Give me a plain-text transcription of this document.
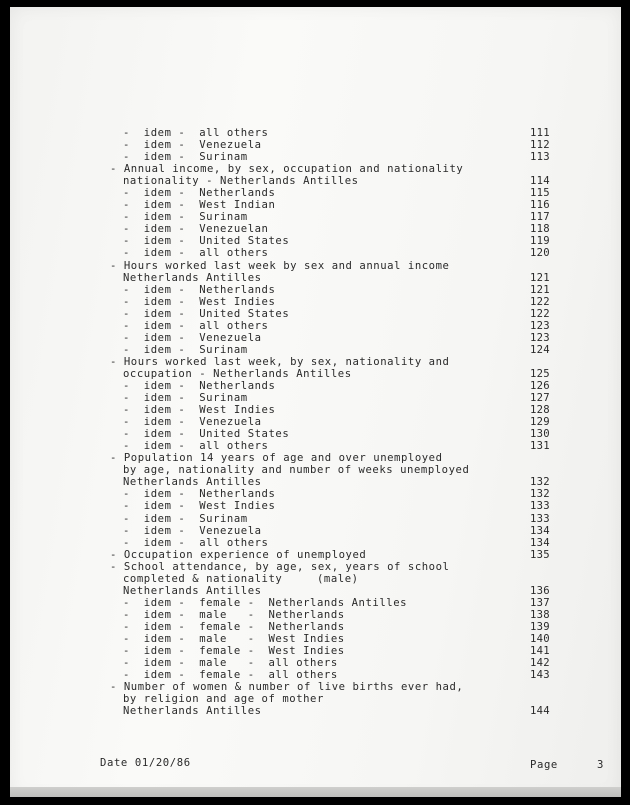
-  idem -  all others	111
-  idem -  Venezuela	112
-  idem -  Surinam	113
- Annual income, by sex, occupation and nationality
nationality - Netherlands Antilles	114
-  idem -  Netherlands	115
-  idem -  West Indian	116
-  idem -  Surinam	117
-  idem -  Venezuelan	118
-  idem -  United States	119
-  idem -  all others	120
- Hours worked last week by sex and annual income
Netherlands Antilles	121
-  idem -  Netherlands	121
-  idem -  West Indies	122
-  idem -  United States	122
-  idem -  all others	123
-  idem -  Venezuela	123
-  idem -  Surinam	124
- Hours worked last week, by sex, nationality and
occupation - Netherlands Antilles	125
-  idem -  Netherlands	126
-  idem -  Surinam	127
-  idem -  West Indies	128
-  idem -  Venezuela	129
-  idem -  United States	130
-  idem -  all others	131
- Population 14 years of age and over unemployed
by age, nationality and number of weeks unemployed
Netherlands Antilles	132
-  idem -  Netherlands	132
-  idem -  West Indies	133
-  idem -  Surinam	133
-  idem -  Venezuela	134
-  idem -  all others	134
- Occupation experience of unemployed	135
- School attendance, by age, sex, years of school
completed & nationality     (male)
Netherlands Antilles	136
-  idem -  female -  Netherlands Antilles	137
-  idem -  male   -  Netherlands	138
-  idem -  female -  Netherlands	139
-  idem -  male   -  West Indies	140
-  idem -  female -  West Indies	141
-  idem -  male   -  all others	142
-  idem -  female -  all others	143
- Number of women & number of live births ever had,
by religion and age of mother
Netherlands Antilles	144
Date 01/20/86	Page	3
